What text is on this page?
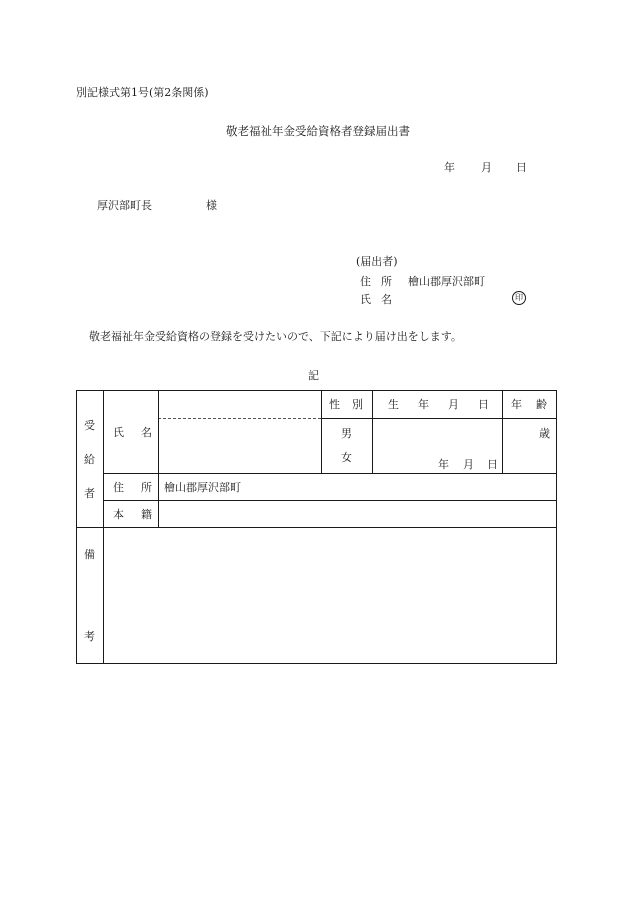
別記様式第1号(第2条関係)
敬老福祉年金受給資格者登録届出書
年 月 日
厚沢部町長	様
(届出者)
住 所 檜山郡厚沢部町
氏 名	印
敬老福祉年金受給資格の登録を受けたいので、下記により届け出をします。
記
受
給
者
氏 名
性 別 生 年 月 日 年 齢
男
女
年 月 日
歳
住 所 檜山郡厚沢部町
本 籍
備
考
